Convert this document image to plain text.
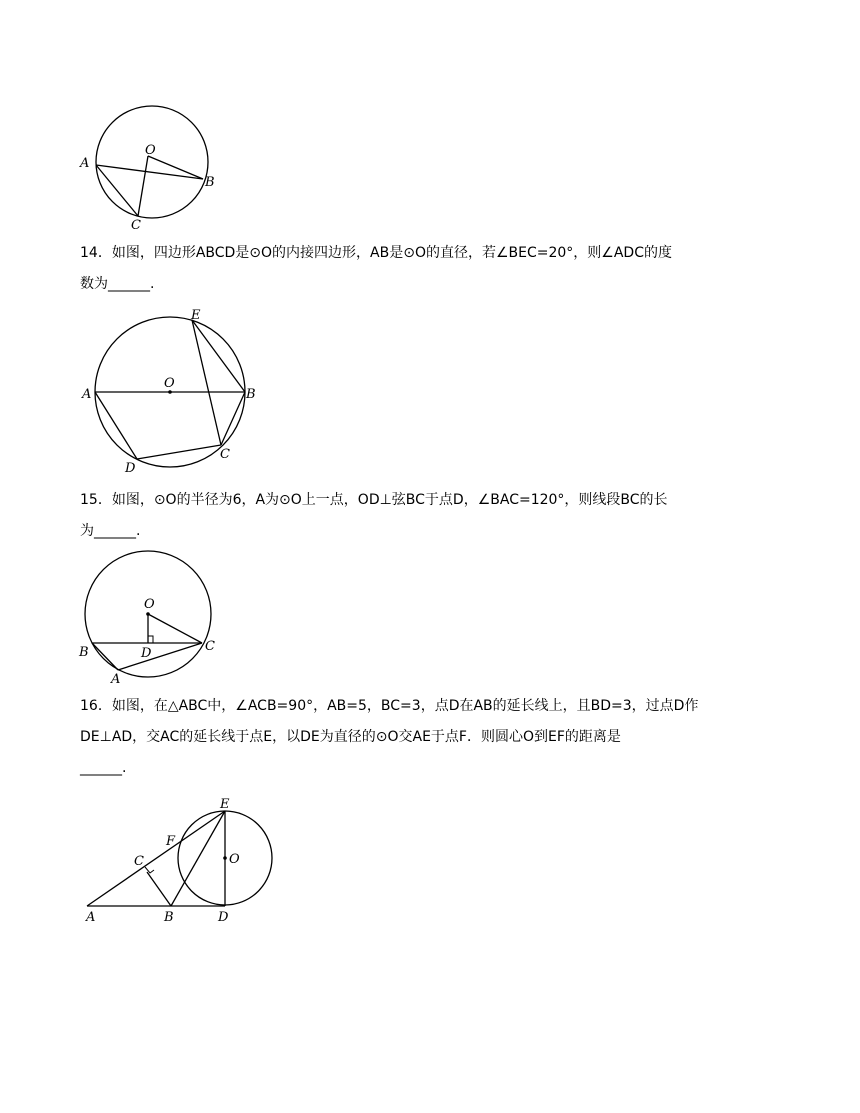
A
B
C
O

14．如图，四边形ABCD是⊙O的内接四边形，AB是⊙O的直径，若∠BEC=20°，则∠ADC的度
数为______.

A	B
C
D
E
O

15．如图，⊙O的半径为6，A为⊙O上一点，OD⊥弦BC于点D，∠BAC=120°，则线段BC的长
为______.

B	C
D
A
O

16．如图，在△ABC中，∠ACB=90°，AB=5，BC=3，点D在AB的延长线上，且BD=3，过点D作
DE⊥AD，交AC的延长线于点E，以DE为直径的⊙O交AE于点F．则圆心O到EF的距离是
______.

A	B
C
D
E
F
O
